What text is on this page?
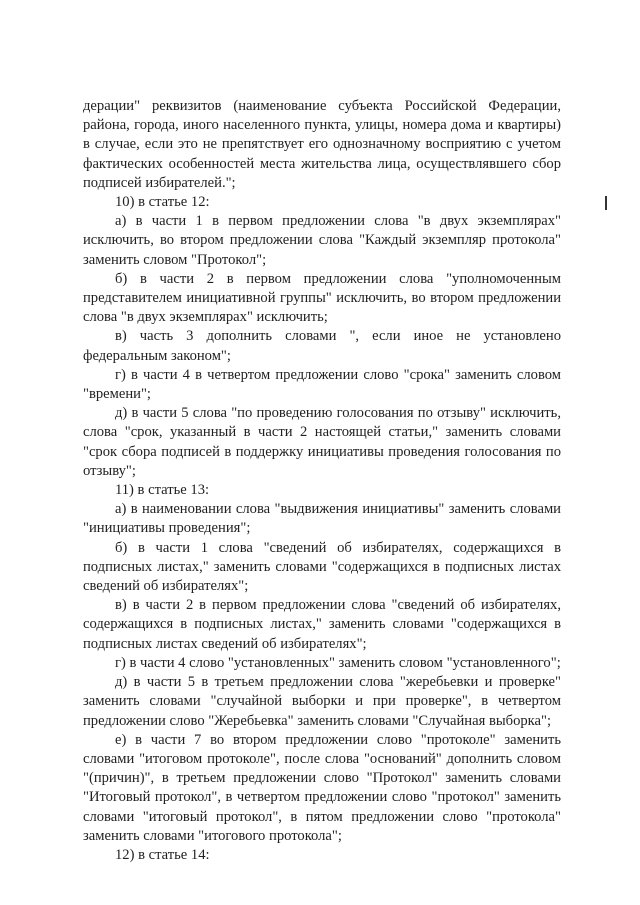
дерации" реквизитов (наименование субъекта Российской Федерации, района, города, иного населенного пункта, улицы, номера дома и квартиры) в случае, если это не препятствует его однозначному восприятию с учетом фактических особенностей места жительства лица, осуществлявшего сбор подписей избирателей.";

10) в статье 12:

а) в части 1 в первом предложении слова "в двух экземплярах" исключить, во втором предложении слова "Каждый экземпляр протокола" заменить словом "Протокол";

б) в части 2 в первом предложении слова "уполномоченным представителем инициативной группы" исключить, во втором предложении слова "в двух экземплярах" исключить;

в) часть 3 дополнить словами ", если иное не установлено федеральным законом";

г) в части 4 в четвертом предложении слово "срока" заменить словом "времени";

д) в части 5 слова "по проведению голосования по отзыву" исключить, слова "срок, указанный в части 2 настоящей статьи," заменить словами "срок сбора подписей в поддержку инициативы проведения голосования по отзыву";

11) в статье 13:

а) в наименовании слова "выдвижения инициативы" заменить словами "инициативы проведения";

б) в части 1 слова "сведений об избирателях, содержащихся в подписных листах," заменить словами "содержащихся в подписных листах сведений об избирателях";

в) в части 2 в первом предложении слова "сведений об избирателях, содержащихся в подписных листах," заменить словами "содержащихся в подписных листах сведений об избирателях";

г) в части 4 слово "установленных" заменить словом "установленного";

д) в части 5 в третьем предложении слова "жеребьевки и проверке" заменить словами "случайной выборки и при проверке", в четвертом предложении слово "Жеребьевка" заменить словами "Случайная выборка";

е) в части 7 во втором предложении слово "протоколе" заменить словами "итоговом протоколе", после слова "оснований" дополнить словом "(причин)", в третьем предложении слово "Протокол" заменить словами "Итоговый протокол", в четвертом предложении слово "протокол" заменить словами "итоговый протокол", в пятом предложении слово "протокола" заменить словами "итогового протокола";

12) в статье 14:
